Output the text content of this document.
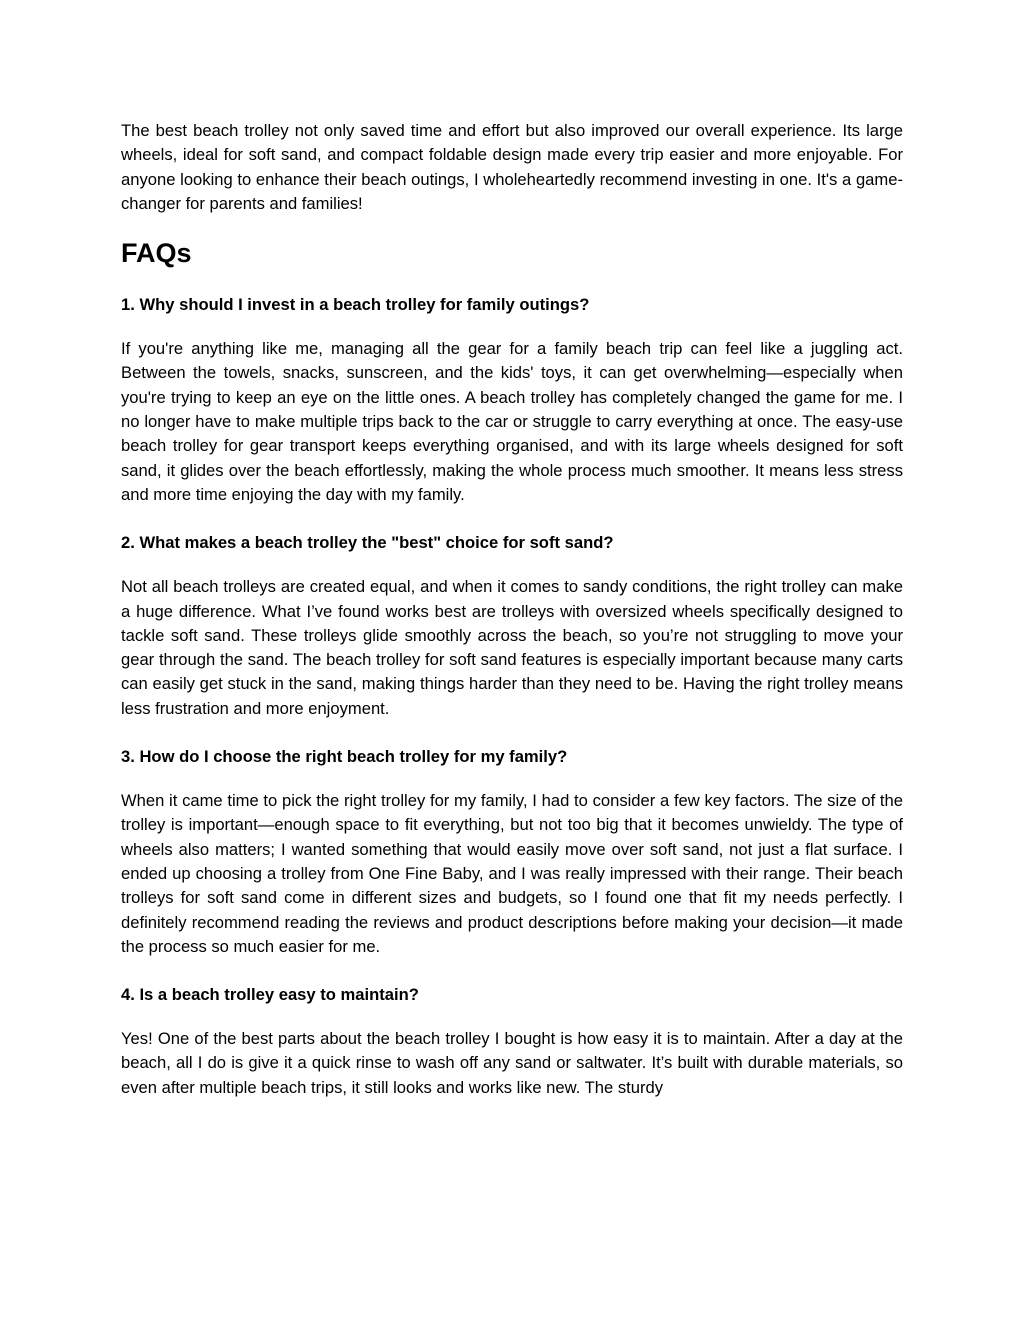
The best beach trolley not only saved time and effort but also improved our overall experience. Its large wheels, ideal for soft sand, and compact foldable design made every trip easier and more enjoyable. For anyone looking to enhance their beach outings, I wholeheartedly recommend investing in one. It's a game-changer for parents and families!

FAQs

1. Why should I invest in a beach trolley for family outings?

If you're anything like me, managing all the gear for a family beach trip can feel like a juggling act. Between the towels, snacks, sunscreen, and the kids' toys, it can get overwhelming—especially when you're trying to keep an eye on the little ones. A beach trolley has completely changed the game for me. I no longer have to make multiple trips back to the car or struggle to carry everything at once. The easy-use beach trolley for gear transport keeps everything organised, and with its large wheels designed for soft sand, it glides over the beach effortlessly, making the whole process much smoother. It means less stress and more time enjoying the day with my family.

2. What makes a beach trolley the "best" choice for soft sand?

Not all beach trolleys are created equal, and when it comes to sandy conditions, the right trolley can make a huge difference. What I’ve found works best are trolleys with oversized wheels specifically designed to tackle soft sand. These trolleys glide smoothly across the beach, so you’re not struggling to move your gear through the sand. The beach trolley for soft sand features is especially important because many carts can easily get stuck in the sand, making things harder than they need to be. Having the right trolley means less frustration and more enjoyment.

3. How do I choose the right beach trolley for my family?

When it came time to pick the right trolley for my family, I had to consider a few key factors. The size of the trolley is important—enough space to fit everything, but not too big that it becomes unwieldy. The type of wheels also matters; I wanted something that would easily move over soft sand, not just a flat surface. I ended up choosing a trolley from One Fine Baby, and I was really impressed with their range. Their beach trolleys for soft sand come in different sizes and budgets, so I found one that fit my needs perfectly. I definitely recommend reading the reviews and product descriptions before making your decision—it made the process so much easier for me.

4. Is a beach trolley easy to maintain?

Yes! One of the best parts about the beach trolley I bought is how easy it is to maintain. After a day at the beach, all I do is give it a quick rinse to wash off any sand or saltwater. It’s built with durable materials, so even after multiple beach trips, it still looks and works like new. The sturdy
